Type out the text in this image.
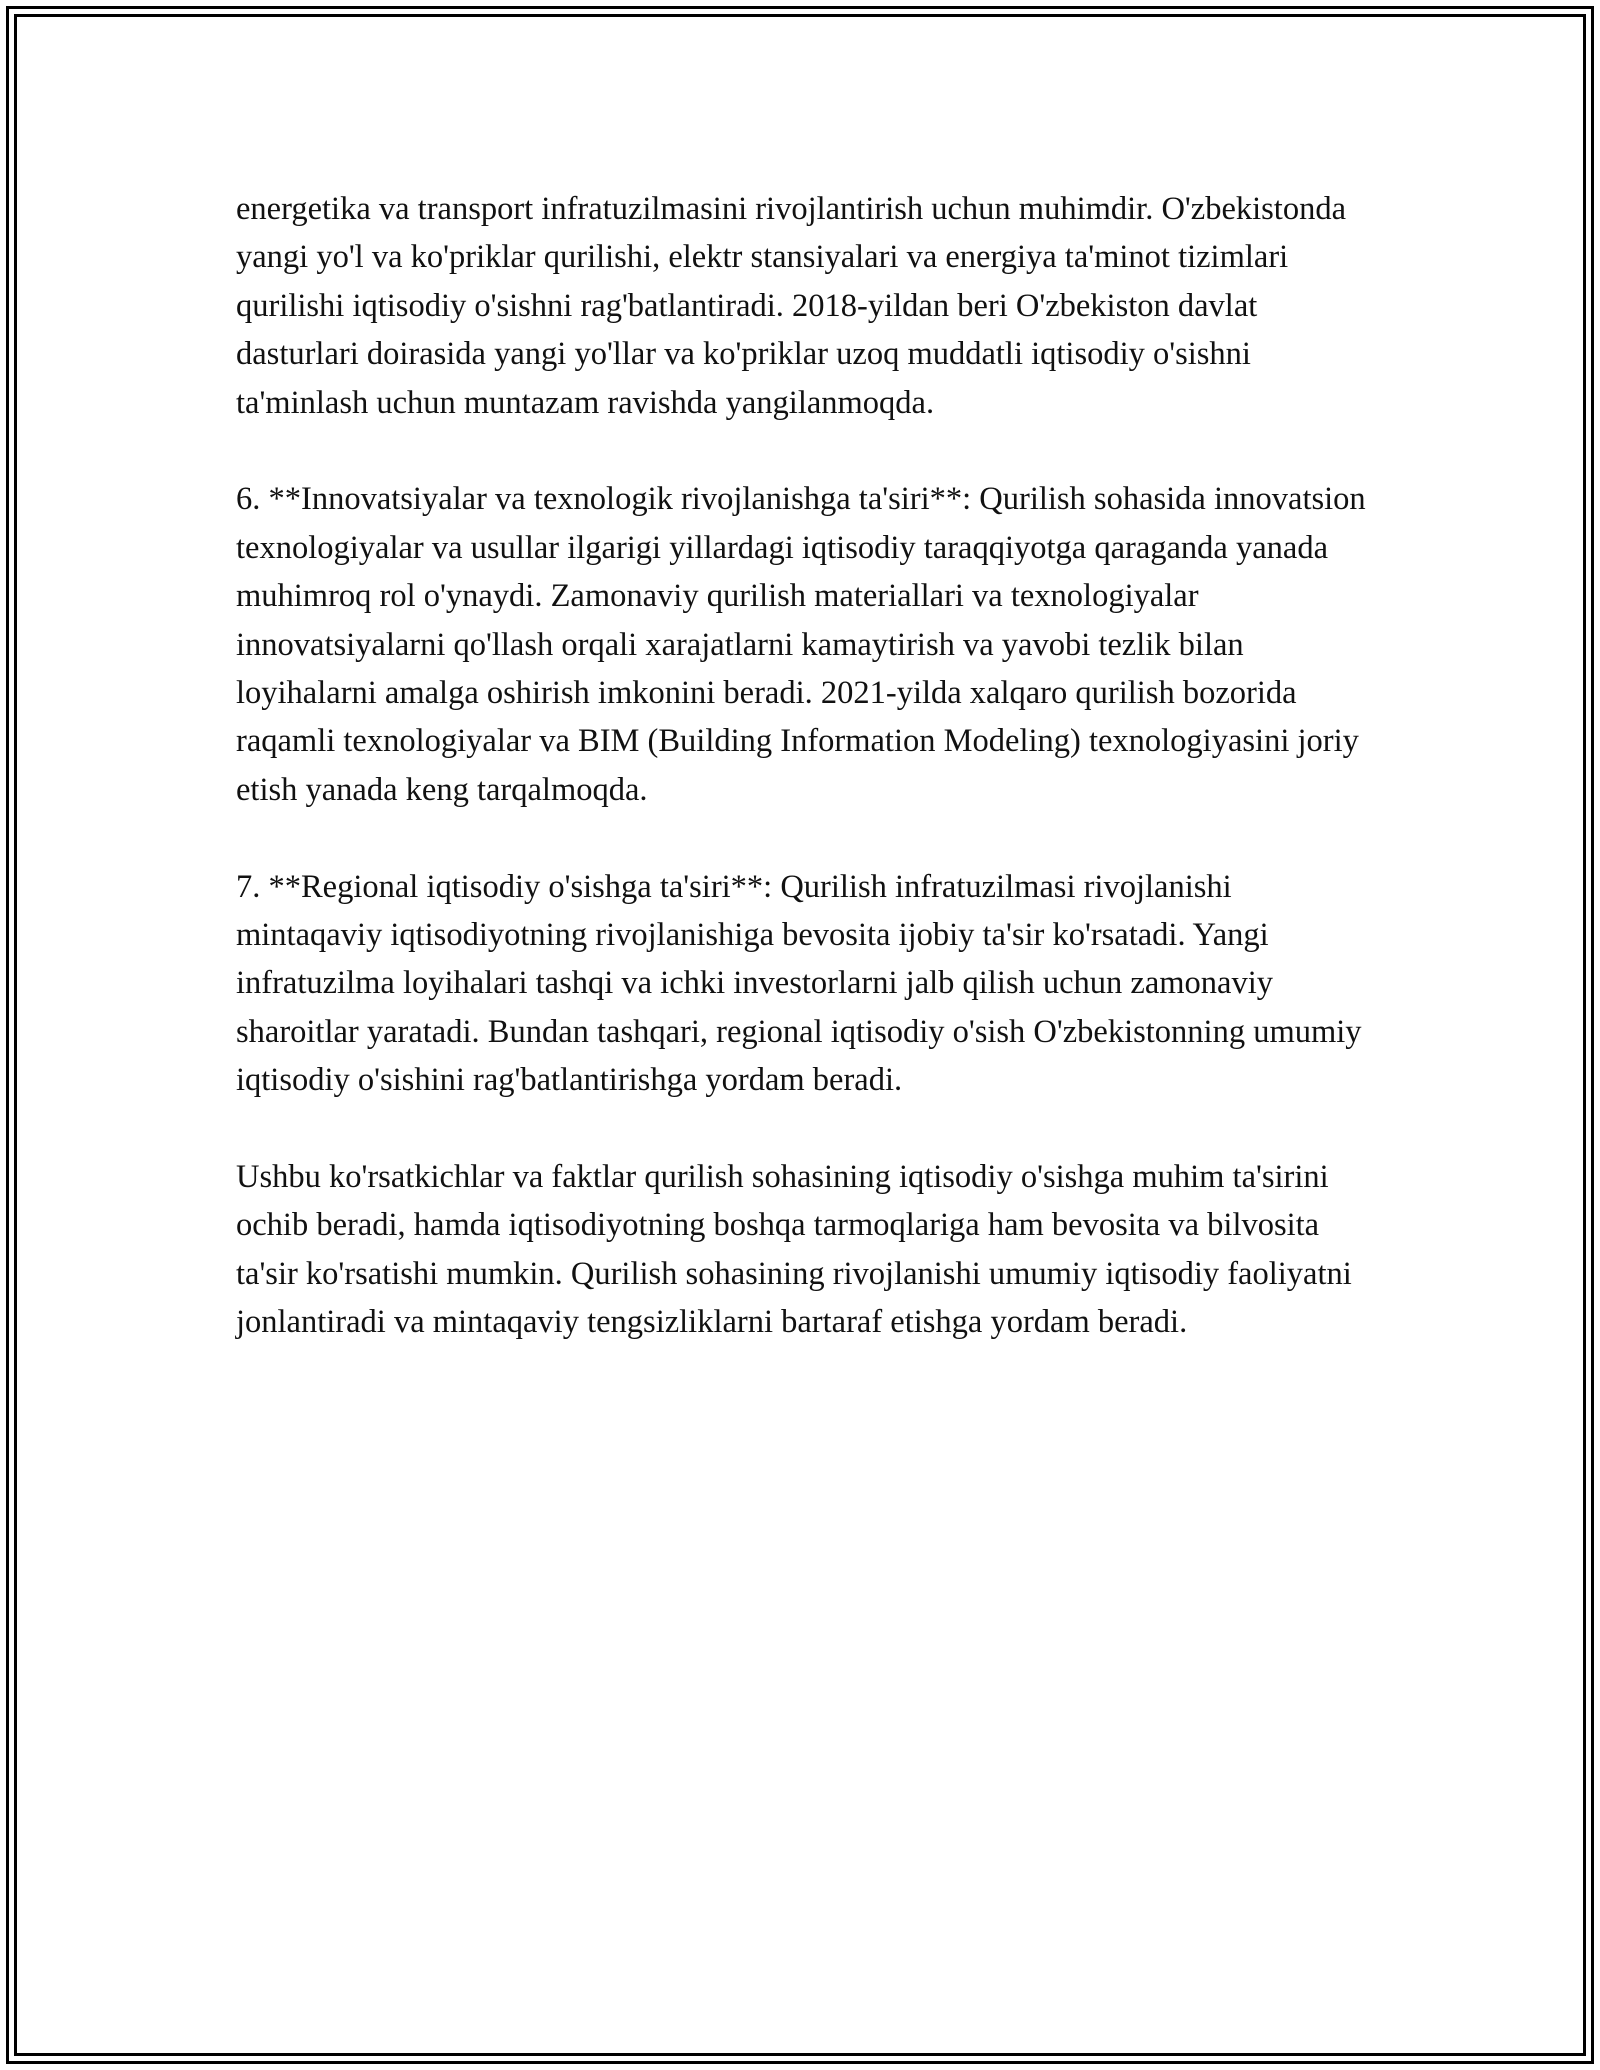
energetika va transport infratuzilmasini rivojlantirish uchun muhimdir. O'zbekistonda yangi yo'l va ko'priklar qurilishi, elektr stansiyalari va energiya ta'minot tizimlari qurilishi iqtisodiy o'sishni rag'batlantiradi. 2018-yildan beri O'zbekiston davlat dasturlari doirasida yangi yo'llar va ko'priklar uzoq muddatli iqtisodiy o'sishni ta'minlash uchun muntazam ravishda yangilanmoqda.

6. **Innovatsiyalar va texnologik rivojlanishga ta'siri**: Qurilish sohasida innovatsion texnologiyalar va usullar ilgarigi yillardagi iqtisodiy taraqqiyotga qaraganda yanada muhimroq rol o'ynaydi. Zamonaviy qurilish materiallari va texnologiyalar innovatsiyalarni qo'llash orqali xarajatlarni kamaytirish va yavobi tezlik bilan loyihalarni amalga oshirish imkonini beradi. 2021-yilda xalqaro qurilish bozorida raqamli texnologiyalar va BIM (Building Information Modeling) texnologiyasini joriy etish yanada keng tarqalmoqda.

7. **Regional iqtisodiy o'sishga ta'siri**: Qurilish infratuzilmasi rivojlanishi mintaqaviy iqtisodiyotning rivojlanishiga bevosita ijobiy ta'sir ko'rsatadi. Yangi infratuzilma loyihalari tashqi va ichki investorlarni jalb qilish uchun zamonaviy sharoitlar yaratadi. Bundan tashqari, regional iqtisodiy o'sish O'zbekistonning umumiy iqtisodiy o'sishini rag'batlantirishga yordam beradi.

Ushbu ko'rsatkichlar va faktlar qurilish sohasining iqtisodiy o'sishga muhim ta'sirini ochib beradi, hamda iqtisodiyotning boshqa tarmoqlariga ham bevosita va bilvosita ta'sir ko'rsatishi mumkin. Qurilish sohasining rivojlanishi umumiy iqtisodiy faoliyatni jonlantiradi va mintaqaviy tengsizliklarni bartaraf etishga yordam beradi.
